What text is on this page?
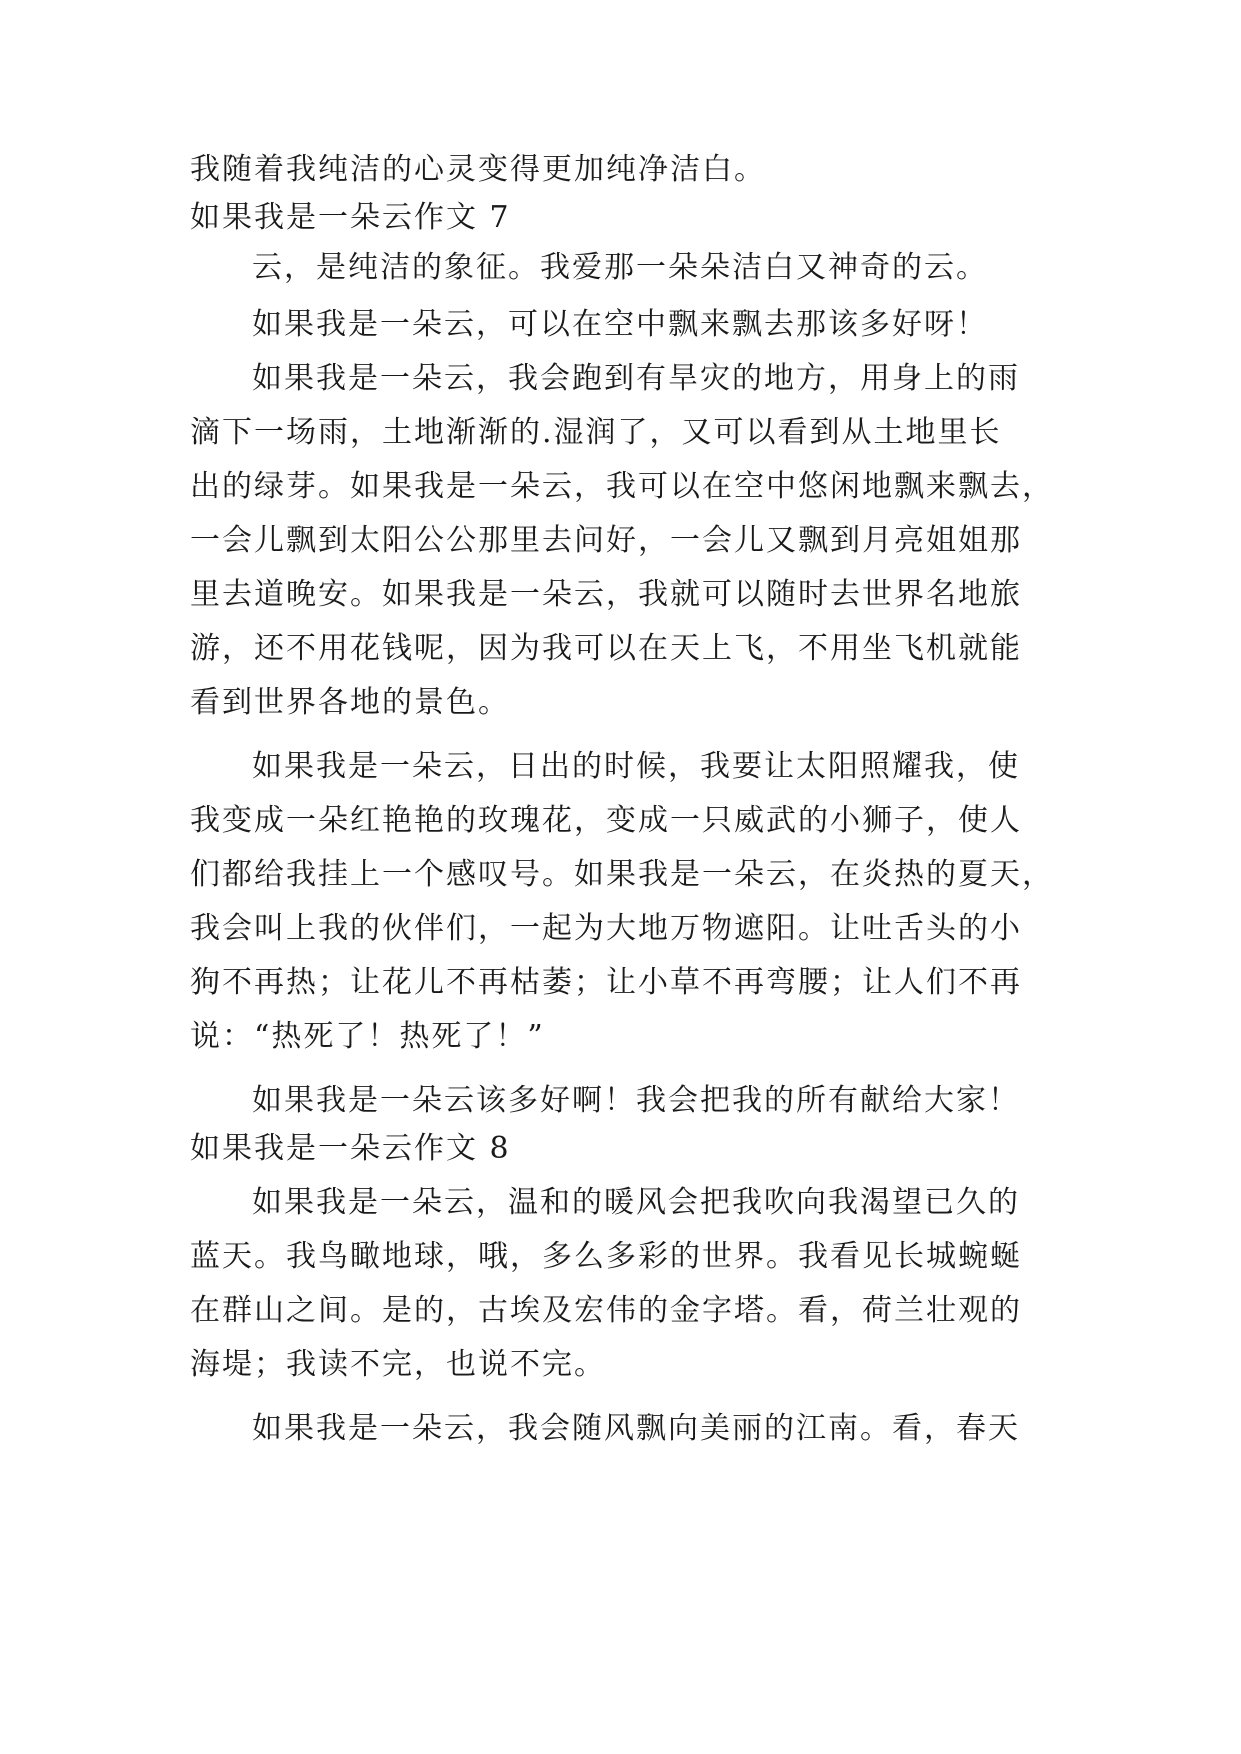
我随着我纯洁的心灵变得更加纯净洁白。
如果我是一朵云作文 7
云，是纯洁的象征。我爱那一朵朵洁白又神奇的云。
如果我是一朵云，可以在空中飘来飘去那该多好呀！
如果我是一朵云，我会跑到有旱灾的地方，用身上的雨
滴下一场雨，土地渐渐的.湿润了，又可以看到从土地里长
出的绿芽。如果我是一朵云，我可以在空中悠闲地飘来飘去，
一会儿飘到太阳公公那里去问好，一会儿又飘到月亮姐姐那
里去道晚安。如果我是一朵云，我就可以随时去世界名地旅
游，还不用花钱呢，因为我可以在天上飞，不用坐飞机就能
看到世界各地的景色。
如果我是一朵云，日出的时候，我要让太阳照耀我，使
我变成一朵红艳艳的玫瑰花，变成一只威武的小狮子，使人
们都给我挂上一个感叹号。如果我是一朵云，在炎热的夏天，
我会叫上我的伙伴们，一起为大地万物遮阳。让吐舌头的小
狗不再热；让花儿不再枯萎；让小草不再弯腰；让人们不再
说：“热死了！热死了！”
如果我是一朵云该多好啊！我会把我的所有献给大家！
如果我是一朵云作文 8
如果我是一朵云，温和的暖风会把我吹向我渴望已久的
蓝天。我鸟瞰地球，哦，多么多彩的世界。我看见长城蜿蜒
在群山之间。是的，古埃及宏伟的金字塔。看，荷兰壮观的
海堤；我读不完，也说不完。
如果我是一朵云，我会随风飘向美丽的江南。看，春天
